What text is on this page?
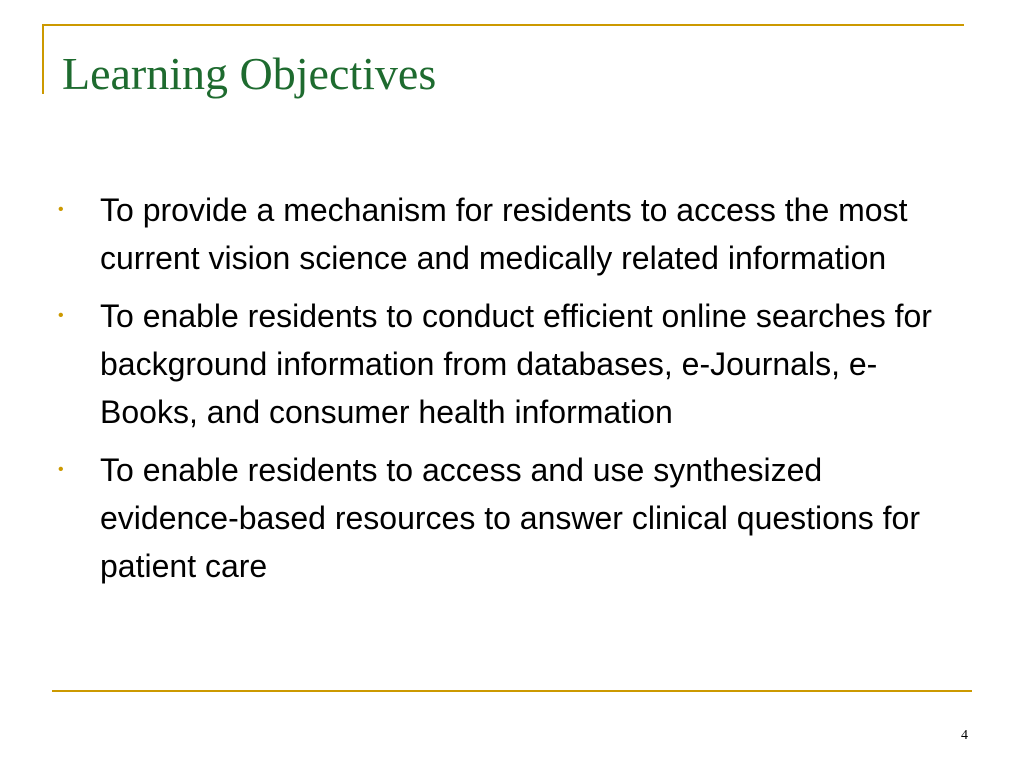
Learning Objectives
•	To provide a mechanism for residents to access the most current vision science and medically related information
•	To enable residents to conduct efficient online searches for background information from databases, e-Journals, e-Books, and consumer health information
•	To enable residents to access and use synthesized evidence-based resources to answer clinical questions for patient care
4
